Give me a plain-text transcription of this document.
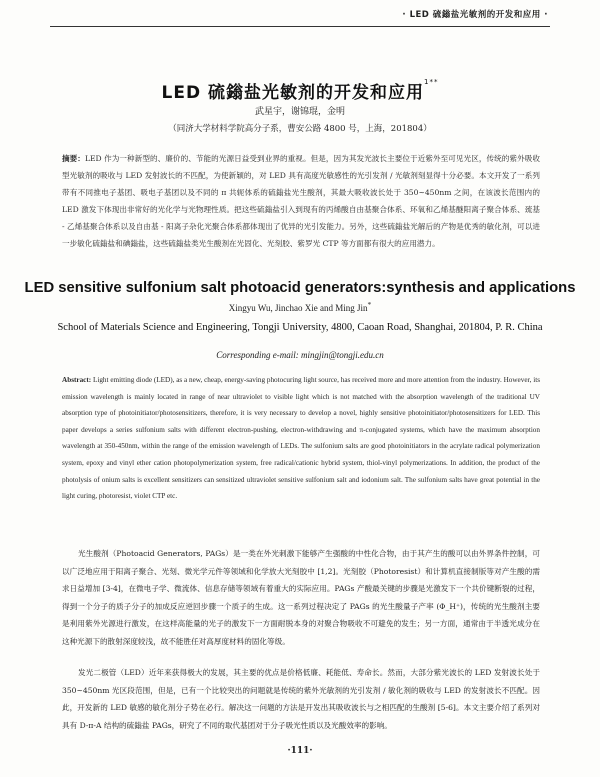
· LED 硫鎓盐光敏剂的开发和应用 ·
LED 硫鎓盐光敏剂的开发和应用$^{1**}$
武星宇，谢锦琨，金明
（同济大学材料学院高分子系，曹安公路 4800 号，上海，201804）
摘要：LED 作为一种新型的、廉价的、节能的光源日益受到业界的重视。但是，因为其发光波长主要位于近紫外至可见光区，传统的紫外吸收型光敏剂的吸收与 LED 发射波长的不匹配，为使新颖的，对 LED 具有高度光敏感性的光引发剂 / 光敏剂刻显得十分必要。本文开发了一系列带有不同推电子基团、吸电子基团以及不同的 π 共轭体系的硫鎓盐光生酸剂，其最大吸收波长处于 350~450nm 之间，在该波长范围内的 LED 激发下体现出非常好的光化学与光物理性质。把这些硫鎓盐引入到现有的丙烯酸自由基聚合体系、环氧和乙烯基醚阳离子聚合体系、巯基 - 乙烯基聚合体系以及自由基 - 阳离子杂化光聚合体系都体现出了优异的光引发能力。另外，这些硫鎓盐光解后的产物是优秀的敏化剂，可以进一步敏化硫鎓盐和碘鎓盐，这些硫鎓盐类光生酸剂在光固化、光刻胶、紫罗光 CTP 等方面都有很大的应用潜力。
LED sensitive sulfonium salt photoacid generators:synthesis and applications
Xingyu Wu, Jinchao Xie and Ming Jin*
School of Materials Science and Engineering, Tongji University, 4800, Caoan Road, Shanghai, 201804, P. R. China
Corresponding e-mail: mingjin@tongji.edu.cn
Abstract: Light emitting diode (LED), as a new, cheap, energy-saving photocuring light source, has received more and more attention from the industry. However, its emission wavelength is mainly located in range of near ultraviolet to visible light which is not matched with the absorption wavelength of the traditional UV absorption type of photoinitiator/photosensitizers, therefore, it is very necessary to develop a novel, highly sensitive photoinitiator/photosensitizers for LED. This paper develops a series sulfonium salts with different electron-pushing, electron-withdrawing and π-conjugated systems, which have the maximum absorption wavelength at 350-450nm, within the range of the emission wavelength of LEDs. The sulfonium salts are good photoinitiators in the acrylate radical polymerization system, epoxy and vinyl ether cation photopolymerization system, free radical/cationic hybrid system, thiol-vinyl polymerizations. In addition, the product of the photolysis of onium salts is excellent sensitizers can sensitized ultraviolet sensitive sulfonium salt and iodonium salt. The sulfonium salts have great potential in the light curing, photoresist, violet CTP etc.
光生酸剂（Photoacid Generators, PAGs）是一类在外光刺激下能够产生强酸的中性化合物，由于其产生的酸可以由外界条件控制，可以广泛地应用于阳离子聚合、光刻、微光学元件等领域和化学放大光刻胶中 [1,2]。光刻胶（Photoresist）和计算机直接制版等对产生酸的需求日益增加 [3-4]，在微电子学、微流体、信息存储等领域有着重大的实际应用。PAGs 产酸最关键的步骤是光激发下一个共价键断裂的过程，得到一个分子的质子分子的加成反应逆回步骤一个质子的生成。这一系列过程决定了 PAGs 的光生酸量子产率 (Φ_H⁺)，传统的光生酸剂主要是利用紫外光源进行激发，在这样高能量的光子的激发下一方面耐脱本身的对聚合物吸收不可避免的发生；另一方面，通常由于半透光成分在这种光源下的散射深度较浅，故不能胜任对高厚度材料的固化等级。
发光二极管（LED）近年来获得极大的发展，其主要的优点是价格低廉、耗能低、寿命长。然而，大部分紫光波长的 LED 发射波长处于 350~450nm 光区段范围，但是，已有一个比较突出的问题就是传统的紫外光敏剂的光引发剂 / 敏化剂的吸收与 LED 的发射波长不匹配。因此，开发新的 LED 敏感的敏化剂分子势在必行。解决这一问题的方法是开发出其吸收波长与之相匹配的生酸剂 [5-6]。本文主要介绍了系列对具有 D-π-A 结构的硫鎓盐 PAGs，研究了不同的取代基团对于分子吸光性质以及光酸效率的影响。
·111·
